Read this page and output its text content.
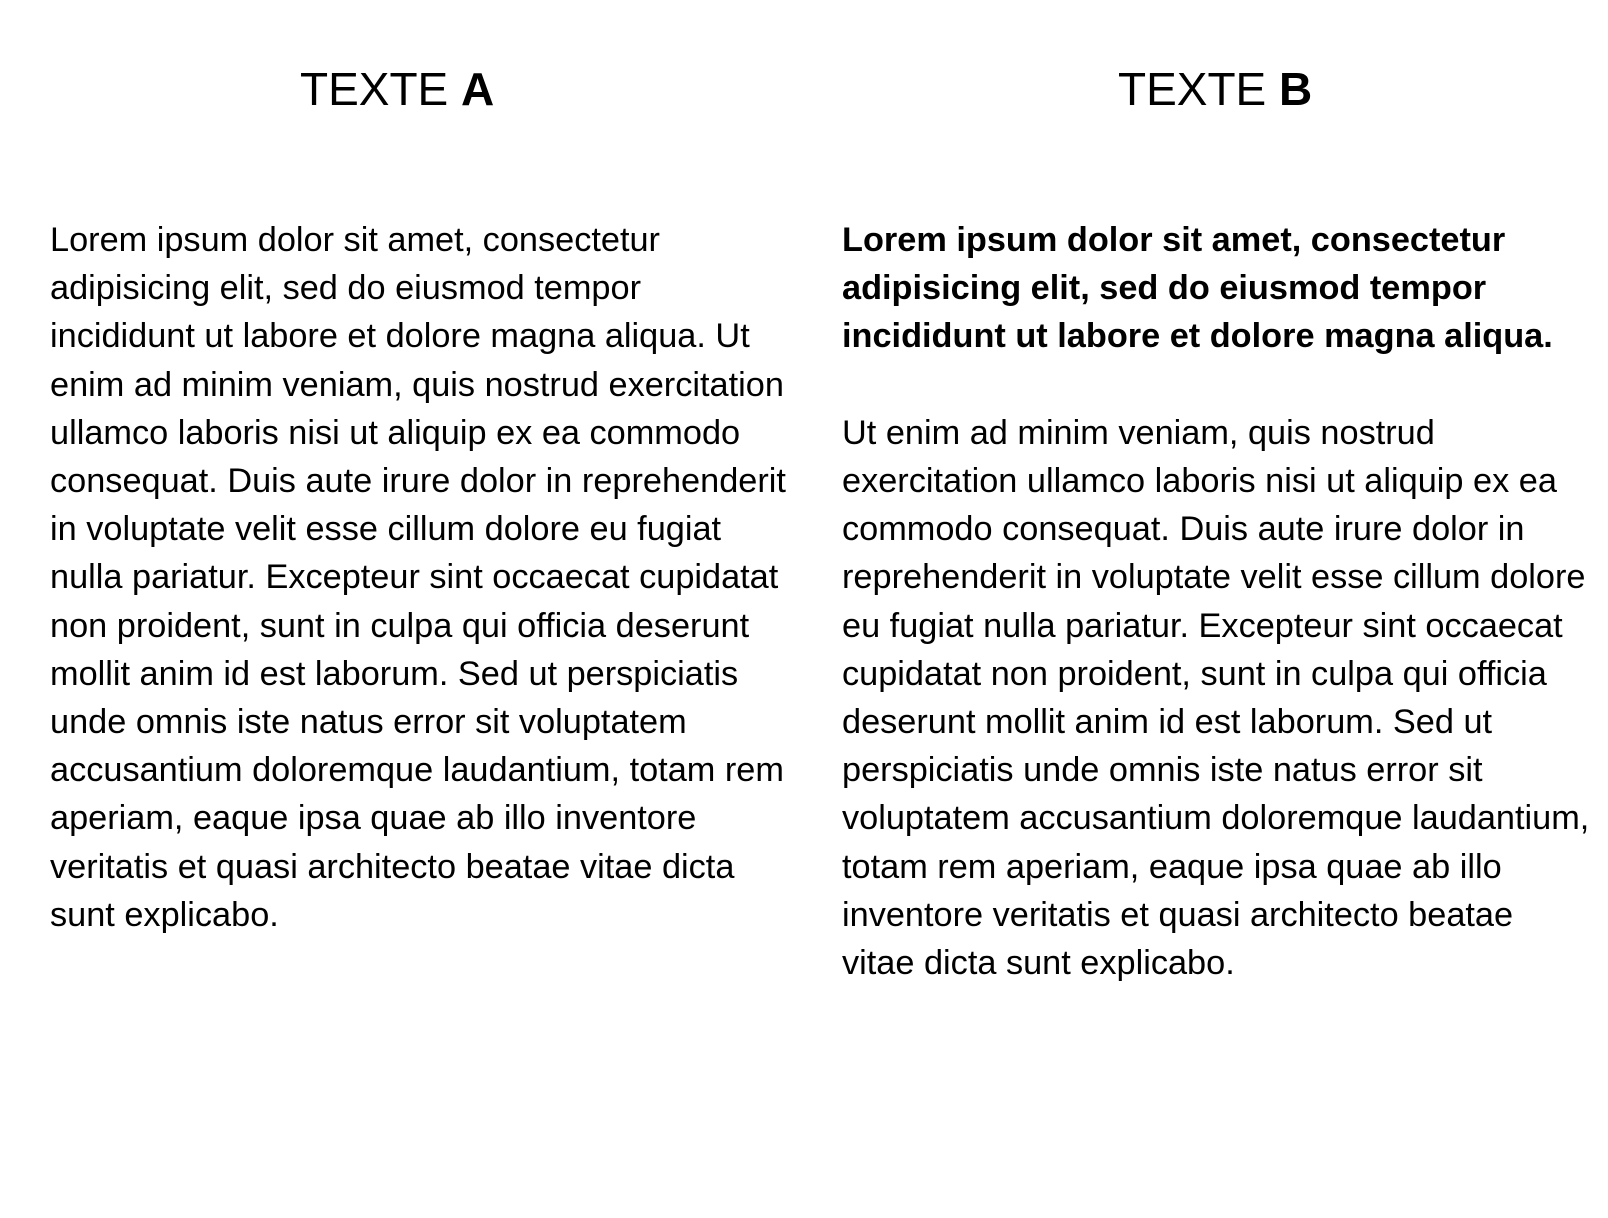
TEXTE A	TEXTE B

Lorem ipsum dolor sit amet, consectetur adipisicing elit, sed do eiusmod tempor incididunt ut labore et dolore magna aliqua. Ut enim ad minim veniam, quis nostrud exercitation ullamco laboris nisi ut aliquip ex ea commodo consequat. Duis aute irure dolor in reprehenderit in voluptate velit esse cillum dolore eu fugiat nulla pariatur. Excepteur sint occaecat cupidatat non proident, sunt in culpa qui officia deserunt mollit anim id est laborum. Sed ut perspiciatis unde omnis iste natus error sit voluptatem accusantium doloremque laudantium, totam rem aperiam, eaque ipsa quae ab illo inventore veritatis et quasi architecto beatae vitae dicta sunt explicabo.

Lorem ipsum dolor sit amet, consectetur adipisicing elit, sed do eiusmod tempor incididunt ut labore et dolore magna aliqua.

Ut enim ad minim veniam, quis nostrud exercitation ullamco laboris nisi ut aliquip ex ea commodo consequat. Duis aute irure dolor in reprehenderit in voluptate velit esse cillum dolore eu fugiat nulla pariatur. Excepteur sint occaecat cupidatat non proident, sunt in culpa qui officia deserunt mollit anim id est laborum. Sed ut perspiciatis unde omnis iste natus error sit voluptatem accusantium doloremque laudantium, totam rem aperiam, eaque ipsa quae ab illo inventore veritatis et quasi architecto beatae vitae dicta sunt explicabo.
